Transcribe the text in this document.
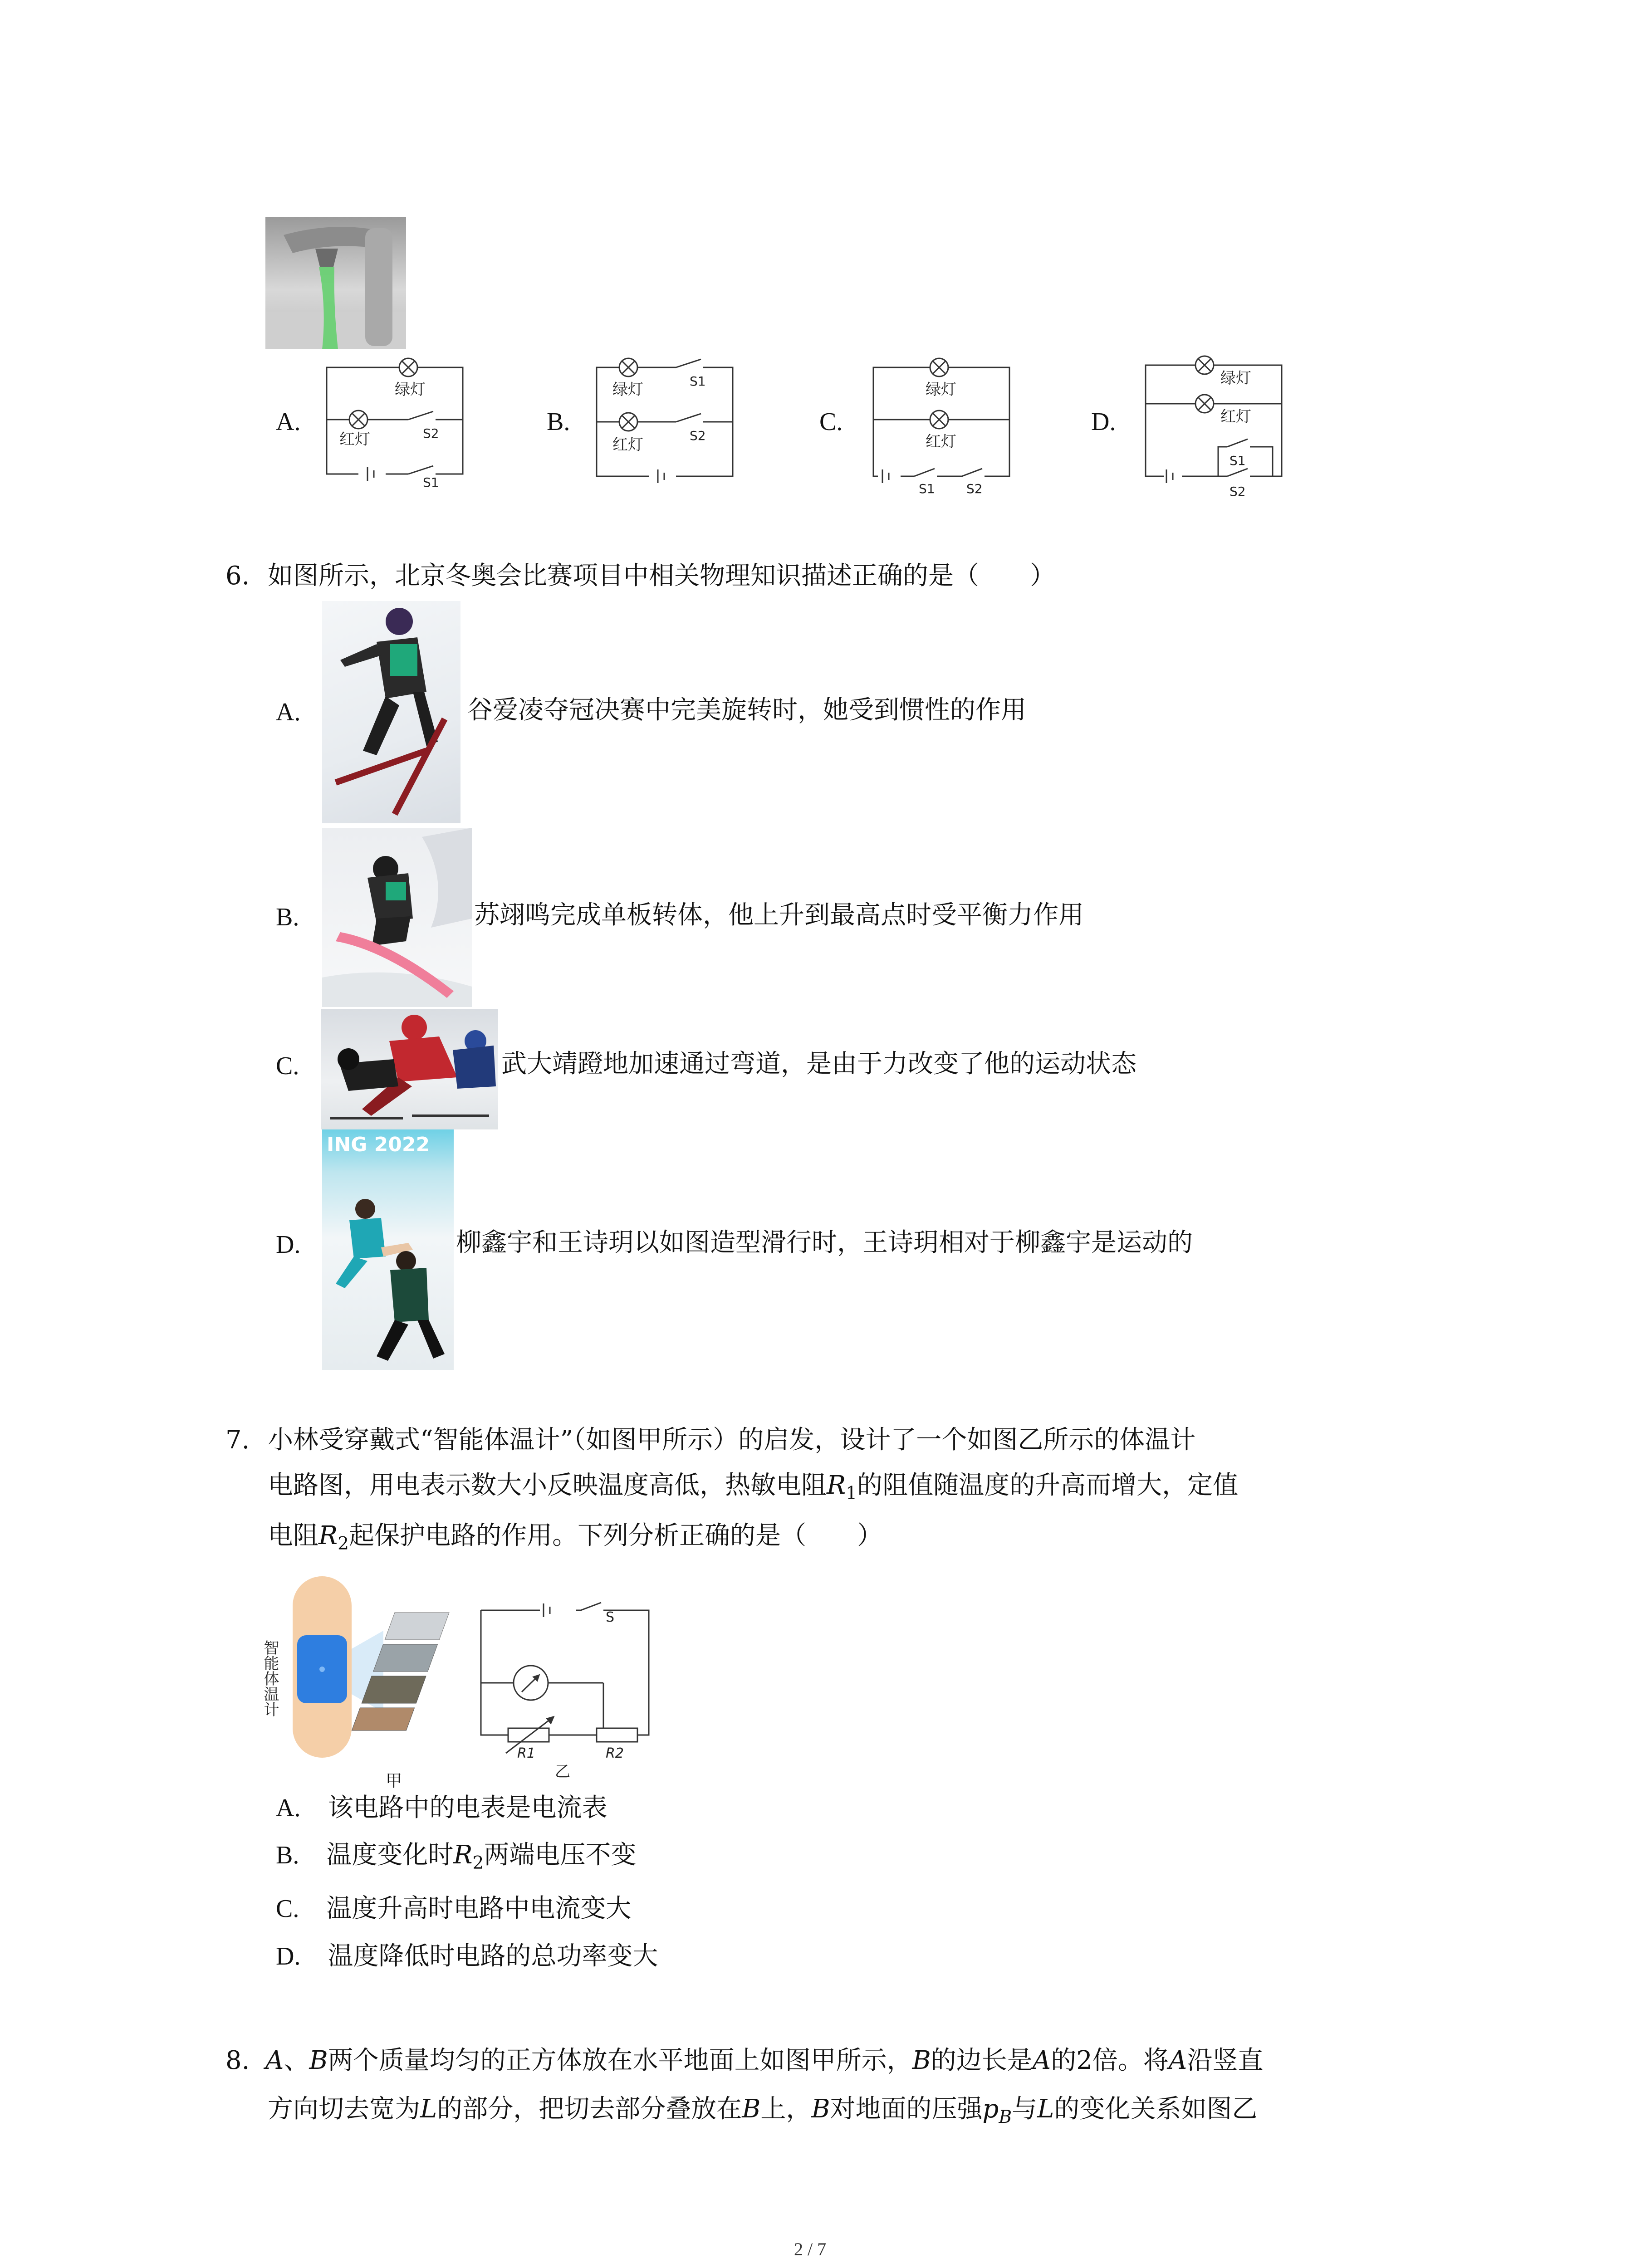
A.	B.	C.	D.
绿灯
红灯	S2
S1
绿灯
红灯
S1
S2
绿灯
红灯
S1 S2
绿灯
红灯
S1
S2
6. 如图所示，北京冬奥会比赛项目中相关物理知识描述正确的是（　　）
A.	谷爱凌夺冠决赛中完美旋转时，她受到惯性的作用
B.	苏翊鸣完成单板转体，他上升到最高点时受平衡力作用
C.	武大靖蹬地加速通过弯道，是由于力改变了他的运动状态
D.
ING 2022
柳鑫宇和王诗玥以如图造型滑行时，王诗玥相对于柳鑫宇是运动的
7. 小林受穿戴式“智能体温计”（如图甲所示）的启发，设计了一个如图乙所示的体温计
电路图，用电表示数大小反映温度高低，热敏电阻$R_1$的阻值随温度的升高而增大，定值
电阻$R_2$起保护电路的作用。下列分析正确的是（　　）
智能体温计
甲
S
R1	R2
乙
A. 该电路中的电表是电流表
B. 温度变化时$R_2$两端电压不变
C. 温度升高时电路中电流变大
D. 温度降低时电路的总功率变大
8. A、B两个质量均匀的正方体放在水平地面上如图甲所示，B的边长是A的2倍。将A沿竖直
方向切去宽为L的部分，把切去部分叠放在B上，B对地面的压强$p_B$与L的变化关系如图乙
2 / 7
